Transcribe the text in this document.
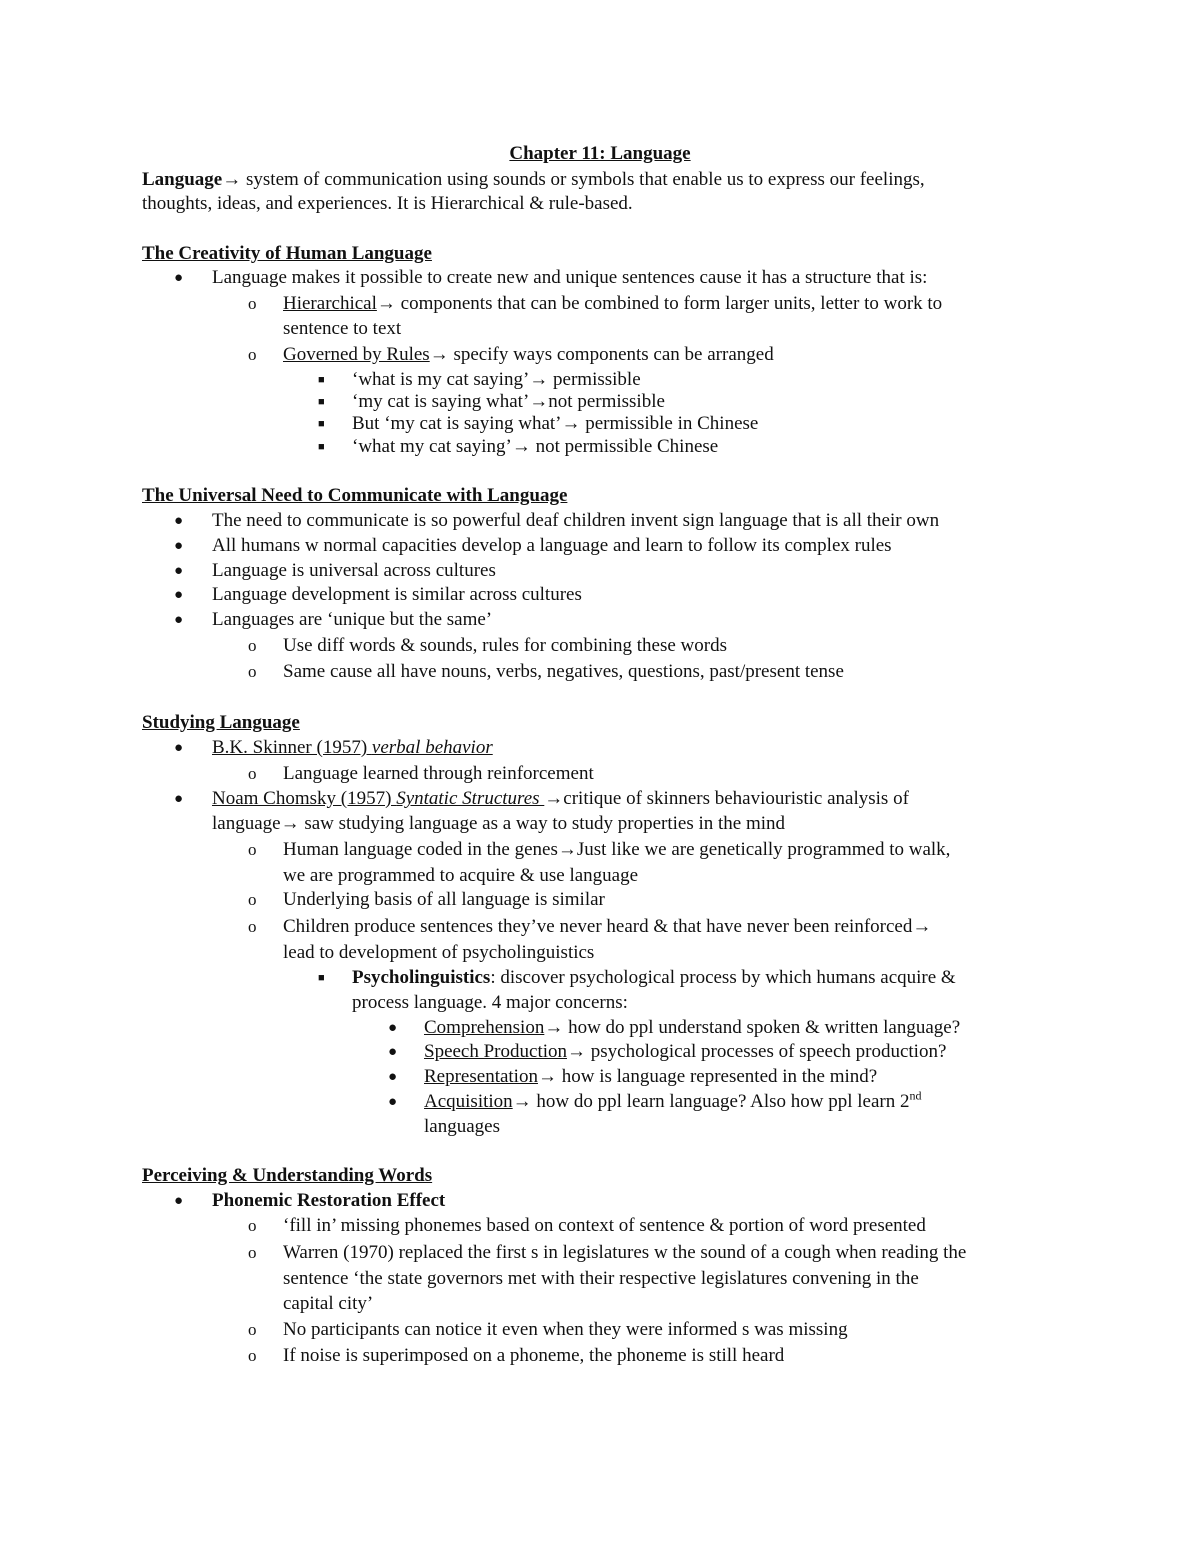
Chapter 11: Language
Language→ system of communication using sounds or symbols that enable us to express our feelings,
thoughts, ideas, and experiences. It is Hierarchical & rule-based.
The Creativity of Human Language
● Language makes it possible to create new and unique sentences cause it has a structure that is:
o Hierarchical→ components that can be combined to form larger units, letter to work to
sentence to text
o Governed by Rules→ specify ways components can be arranged
■ ‘what is my cat saying’→ permissible
■ ‘my cat is saying what’→not permissible
■ But ‘my cat is saying what’→ permissible in Chinese
■ ‘what my cat saying’→ not permissible Chinese
The Universal Need to Communicate with Language
● The need to communicate is so powerful deaf children invent sign language that is all their own
● All humans w normal capacities develop a language and learn to follow its complex rules
● Language is universal across cultures
● Language development is similar across cultures
● Languages are ‘unique but the same’
o Use diff words & sounds, rules for combining these words
o Same cause all have nouns, verbs, negatives, questions, past/present tense
Studying Language
● B.K. Skinner (1957) verbal behavior
o Language learned through reinforcement
● Noam Chomsky (1957) Syntatic Structures →critique of skinners behaviouristic analysis of
language→ saw studying language as a way to study properties in the mind
o Human language coded in the genes→Just like we are genetically programmed to walk,
we are programmed to acquire & use language
o Underlying basis of all language is similar
o Children produce sentences they’ve never heard & that have never been reinforced→
lead to development of psycholinguistics
■ Psycholinguistics: discover psychological process by which humans acquire &
process language. 4 major concerns:
● Comprehension→ how do ppl understand spoken & written language?
● Speech Production→ psychological processes of speech production?
● Representation→ how is language represented in the mind?
● Acquisition→ how do ppl learn language? Also how ppl learn 2nd
languages
Perceiving & Understanding Words
● Phonemic Restoration Effect
o ‘fill in’ missing phonemes based on context of sentence & portion of word presented
o Warren (1970) replaced the first s in legislatures w the sound of a cough when reading the
sentence ‘the state governors met with their respective legislatures convening in the
capital city’
o No participants can notice it even when they were informed s was missing
o If noise is superimposed on a phoneme, the phoneme is still heard
